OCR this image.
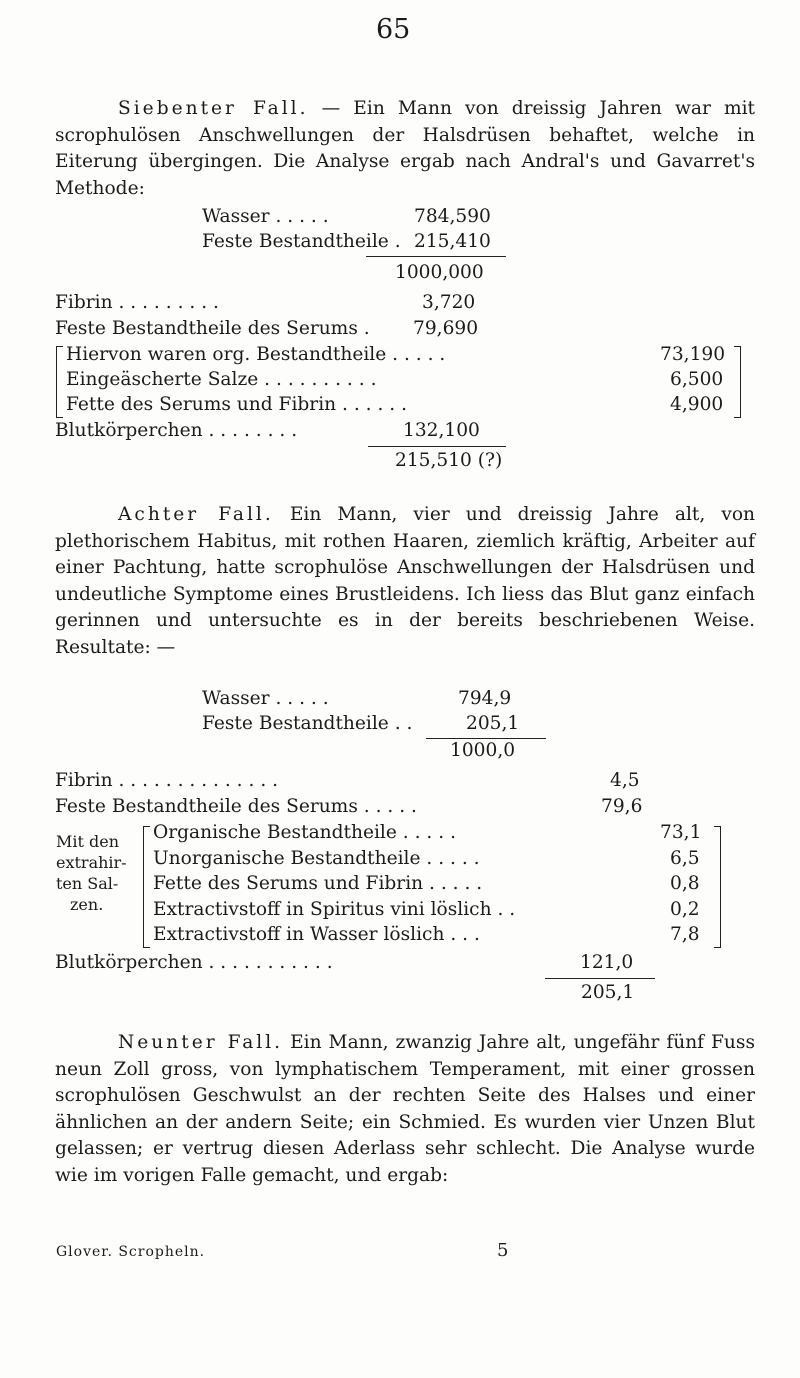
65

Siebenter Fall. — Ein Mann von dreissig Jahren war mit scrophulösen Anschwellungen der Halsdrüsen behaftet, welche in Eiterung übergingen. Die Analyse ergab nach Andral's und Gavarret's Methode:

Wasser . . . . .	784,590
Feste Bestandtheile . 215,410
1000,000
Fibrin . . . . . . . . .	3,720
Feste Bestandtheile des Serums . 79,690
Hiervon waren org. Bestandtheile . . . . .	73,190
Eingeäscherte Salze . . . . . . . . . .	6,500
Fette des Serums und Fibrin . . . . . .	4,900
Blutkörperchen . . . . . . . .	132,100
215,510 (?)

Achter Fall. Ein Mann, vier und dreissig Jahre alt, von plethorischem Habitus, mit rothen Haaren, ziemlich kräftig, Arbeiter auf einer Pachtung, hatte scrophulöse Anschwellungen der Halsdrüsen und undeutliche Symptome eines Brustleidens. Ich liess das Blut ganz einfach gerinnen und untersuchte es in der bereits beschriebenen Weise. Resultate: —

Wasser . . . . .	794,9
Feste Bestandtheile . .	205,1
1000,0
Fibrin . . . . . . . . . . . . . .	4,5
Feste Bestandtheile des Serums . . . . .	79,6
Mit den
extrahir-
ten Sal-
zen.
Organische Bestandtheile . . . . .	73,1
Unorganische Bestandtheile . . . . .	6,5
Fette des Serums und Fibrin . . . . .	0,8
Extractivstoff in Spiritus vini löslich . .	0,2
Extractivstoff in Wasser löslich . . .	7,8
Blutkörperchen . . . . . . . . . . .	121,0
205,1

Neunter Fall. Ein Mann, zwanzig Jahre alt, ungefähr fünf Fuss neun Zoll gross, von lymphatischem Temperament, mit einer grossen scrophulösen Geschwulst an der rechten Seite des Halses und einer ähnlichen an der andern Seite; ein Schmied. Es wurden vier Unzen Blut gelassen; er vertrug diesen Aderlass sehr schlecht. Die Analyse wurde wie im vorigen Falle gemacht, und ergab:

Glover. Scropheln.	5
